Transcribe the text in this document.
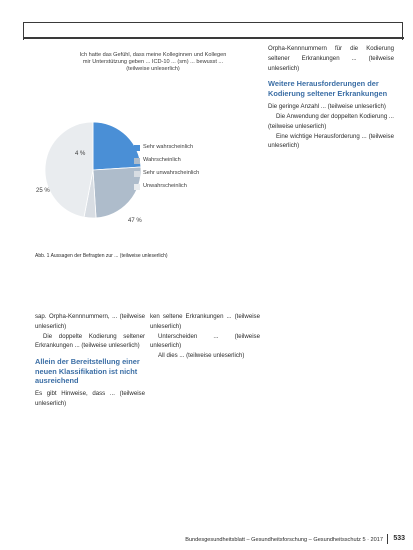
Ich hatte das Gefühl, dass meine Kolleginnen und Kollegen mir Unterstützung geben ... ICD-10 ... (sm) ... bewusst ... (teilweise unleserlich)
Sehr wahrscheinlich
Wahrscheinlich
Sehr unwahrscheinlich
Unwahrscheinlich
4 %
25 %
47 %
Abb. 1 Aussagen der Befragten zur ... (teilweise unleserlich)

sap. Orpha-Kennnummern, ... (teilweise unleserlich)

Die doppelte Kodierung seltener Erkrankungen ... (teilweise unleserlich)

Allein der Bereitstellung einer neuen Klassifikation ist nicht ausreichend

Es gibt Hinweise, dass ... (teilweise unleserlich)

ken seltene Erkrankungen ... (teilweise unleserlich)

Unterscheiden ... (teilweise unleserlich)

All dies ... (teilweise unleserlich)

Orpha-Kennnummern für die Kodierung seltener Erkrankungen ... (teilweise unleserlich)

Weitere Herausforderungen der Kodierung seltener Erkrankungen

Die geringe Anzahl ... (teilweise unleserlich)

Die Anwendung der doppelten Kodierung ... (teilweise unleserlich)

Eine wichtige Herausforderung ... (teilweise unleserlich)

Bundesgesundheitsblatt – Gesundheitsforschung – Gesundheitsschutz 5 · 2017 533
